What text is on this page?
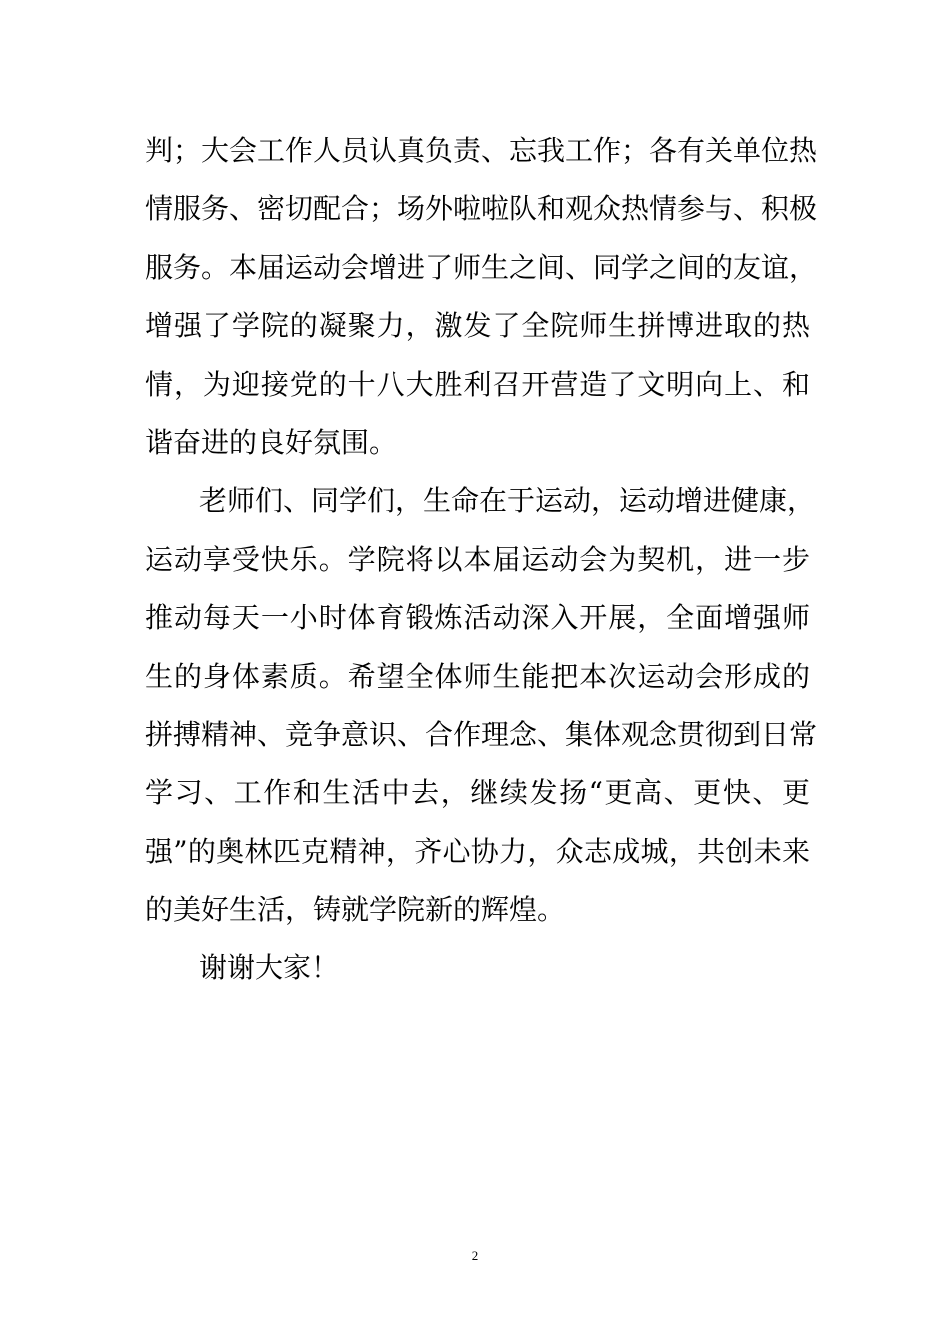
判；大会工作人员认真负责、忘我工作；各有关单位热
情服务、密切配合；场外啦啦队和观众热情参与、积极
服务。本届运动会增进了师生之间、同学之间的友谊，
增强了学院的凝聚力，激发了全院师生拼博进取的热
情，为迎接党的十八大胜利召开营造了文明向上、和
谐奋进的良好氛围。
老师们、同学们，生命在于运动，运动增进健康，
运动享受快乐。学院将以本届运动会为契机，进一步
推动每天一小时体育锻炼活动深入开展，全面增强师
生的身体素质。希望全体师生能把本次运动会形成的
拼搏精神、竞争意识、合作理念、集体观念贯彻到日常
学习、工作和生活中去，继续发扬“更高、更快、更
强”的奥林匹克精神，齐心协力，众志成城，共创未来
的美好生活，铸就学院新的辉煌。
谢谢大家！
2
